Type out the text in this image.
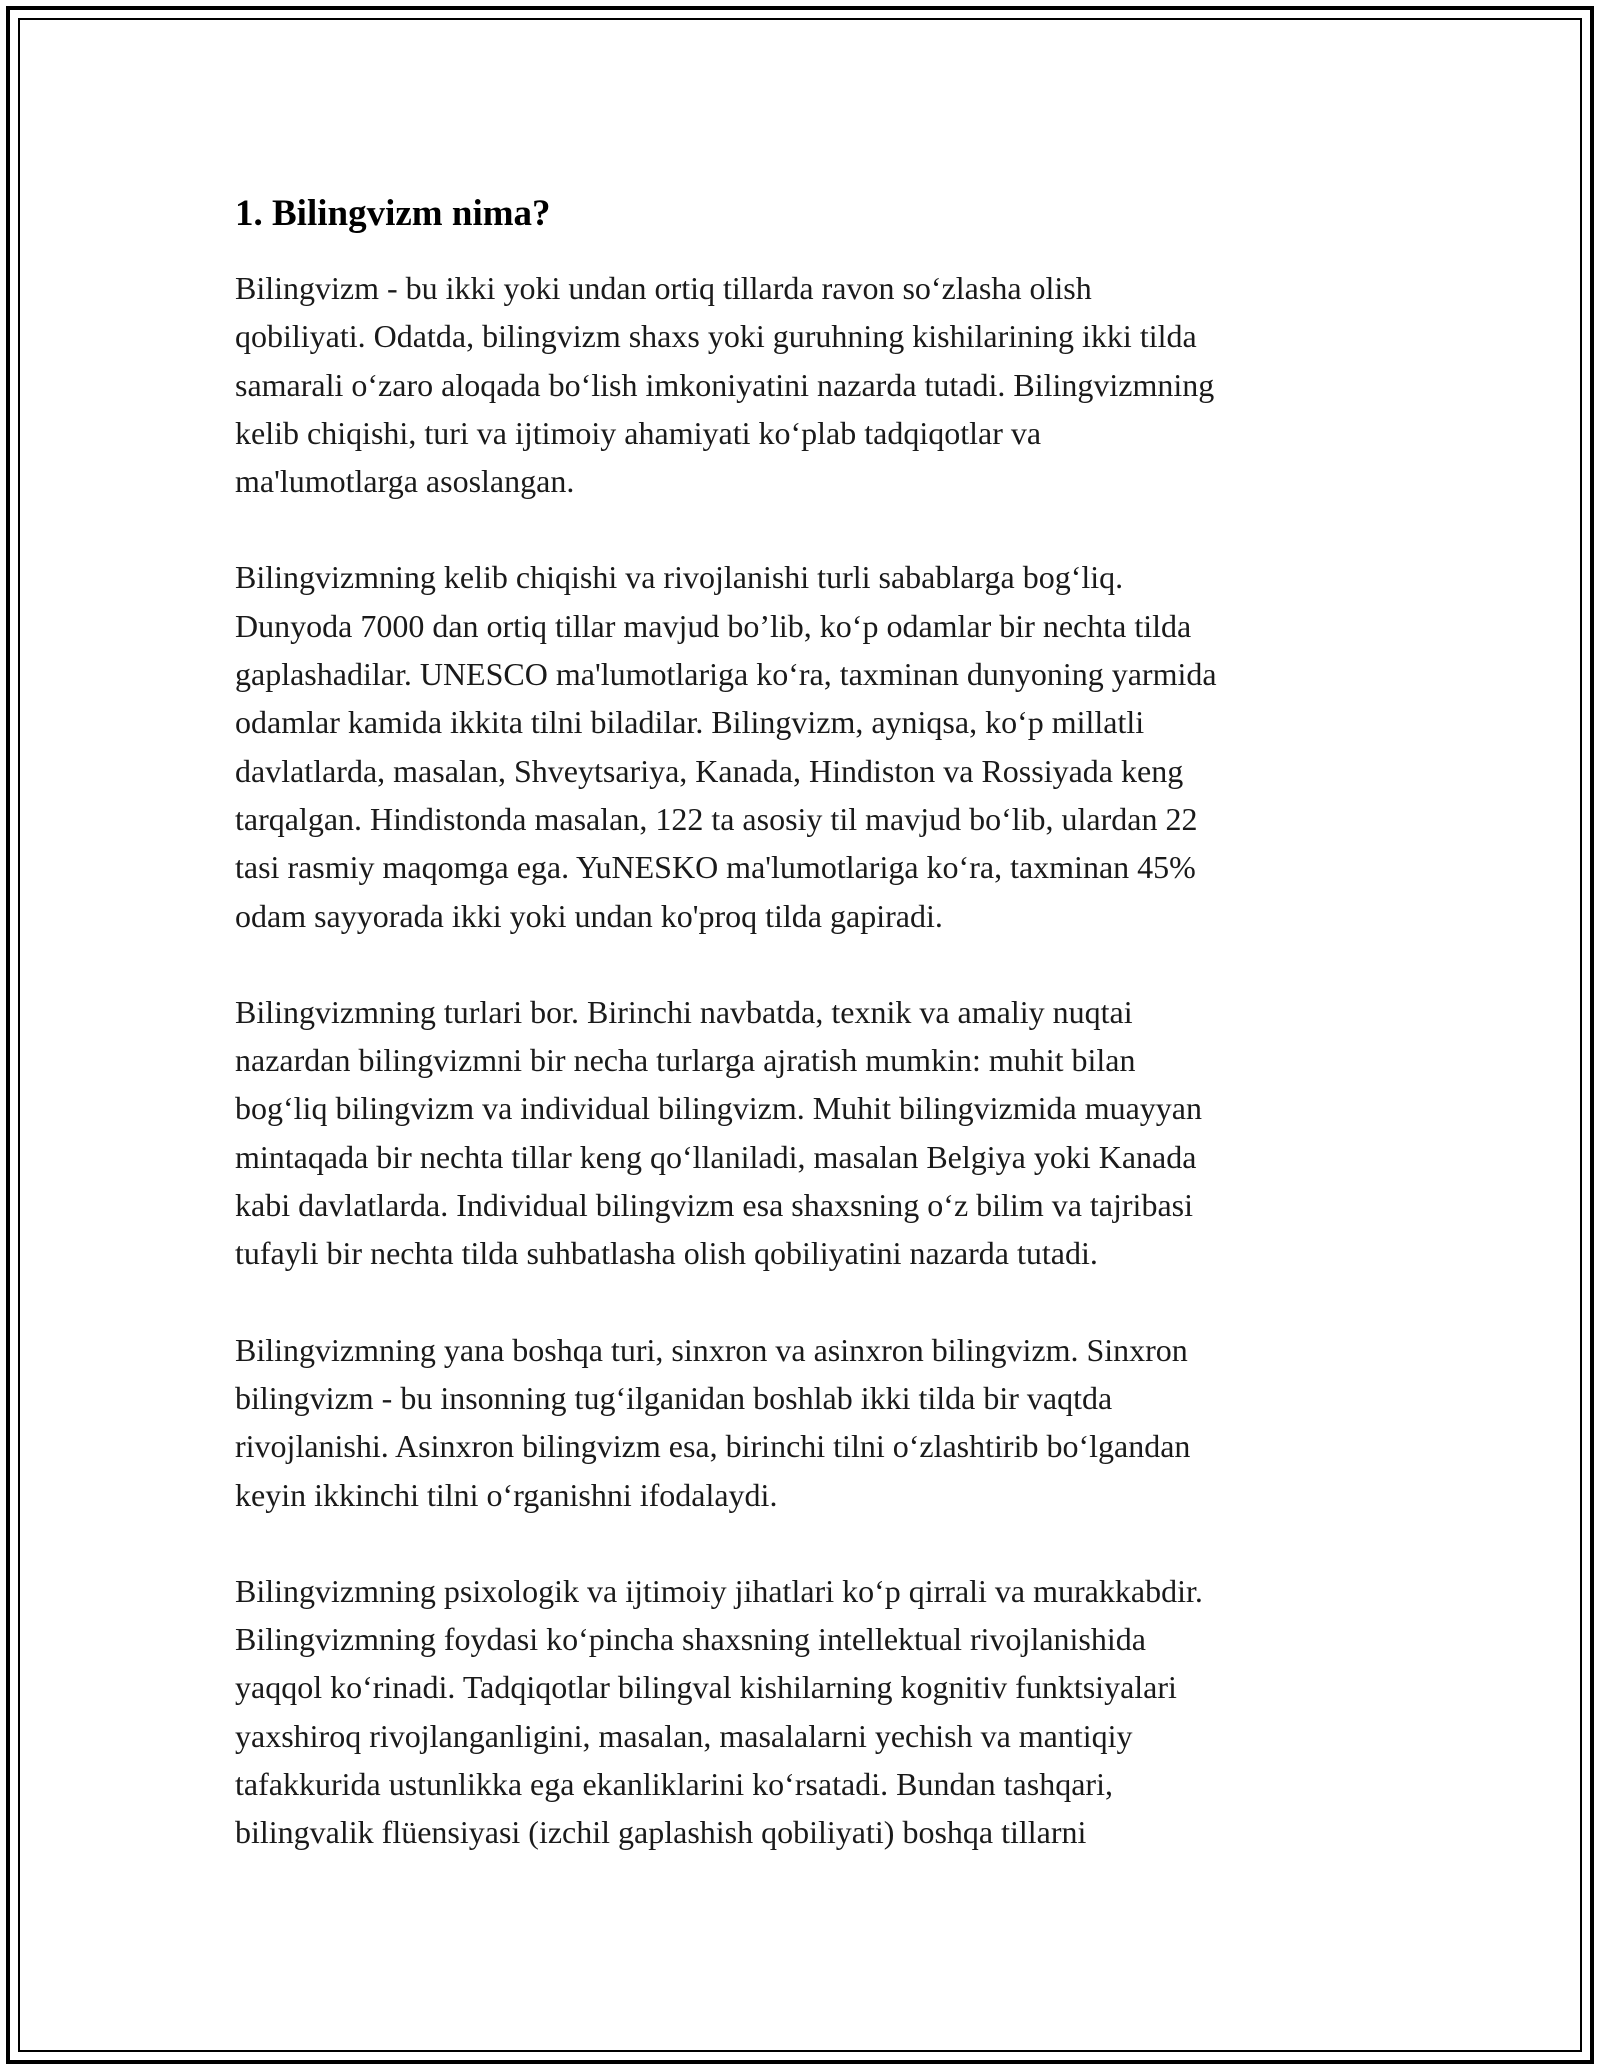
1. Bilingvizm nima?

Bilingvizm - bu ikki yoki undan ortiq tillarda ravon so‘zlasha olish
qobiliyati. Odatda, bilingvizm shaxs yoki guruhning kishilarining ikki tilda
samarali o‘zaro aloqada bo‘lish imkoniyatini nazarda tutadi. Bilingvizmning
kelib chiqishi, turi va ijtimoiy ahamiyati ko‘plab tadqiqotlar va
ma'lumotlarga asoslangan.

Bilingvizmning kelib chiqishi va rivojlanishi turli sabablarga bog‘liq.
Dunyoda 7000 dan ortiq tillar mavjud bo’lib, ko‘p odamlar bir nechta tilda
gaplashadilar. UNESCO ma'lumotlariga ko‘ra, taxminan dunyoning yarmida
odamlar kamida ikkita tilni biladilar. Bilingvizm, ayniqsa, ko‘p millatli
davlatlarda, masalan, Shveytsariya, Kanada, Hindiston va Rossiyada keng
tarqalgan. Hindistonda masalan, 122 ta asosiy til mavjud bo‘lib, ulardan 22
tasi rasmiy maqomga ega. YuNESKO ma'lumotlariga ko‘ra, taxminan 45%
odam sayyorada ikki yoki undan ko'proq tilda gapiradi.

Bilingvizmning turlari bor. Birinchi navbatda, texnik va amaliy nuqtai
nazardan bilingvizmni bir necha turlarga ajratish mumkin: muhit bilan
bog‘liq bilingvizm va individual bilingvizm. Muhit bilingvizmida muayyan
mintaqada bir nechta tillar keng qo‘llaniladi, masalan Belgiya yoki Kanada
kabi davlatlarda. Individual bilingvizm esa shaxsning o‘z bilim va tajribasi
tufayli bir nechta tilda suhbatlasha olish qobiliyatini nazarda tutadi.

Bilingvizmning yana boshqa turi, sinxron va asinxron bilingvizm. Sinxron
bilingvizm - bu insonning tug‘ilganidan boshlab ikki tilda bir vaqtda
rivojlanishi. Asinxron bilingvizm esa, birinchi tilni o‘zlashtirib bo‘lgandan
keyin ikkinchi tilni o‘rganishni ifodalaydi.

Bilingvizmning psixologik va ijtimoiy jihatlari ko‘p qirrali va murakkabdir.
Bilingvizmning foydasi ko‘pincha shaxsning intellektual rivojlanishida
yaqqol ko‘rinadi. Tadqiqotlar bilingval kishilarning kognitiv funktsiyalari
yaxshiroq rivojlanganligini, masalan, masalalarni yechish va mantiqiy
tafakkurida ustunlikka ega ekanliklarini ko‘rsatadi. Bundan tashqari,
bilingvalik flüensiyasi (izchil gaplashish qobiliyati) boshqa tillarni
